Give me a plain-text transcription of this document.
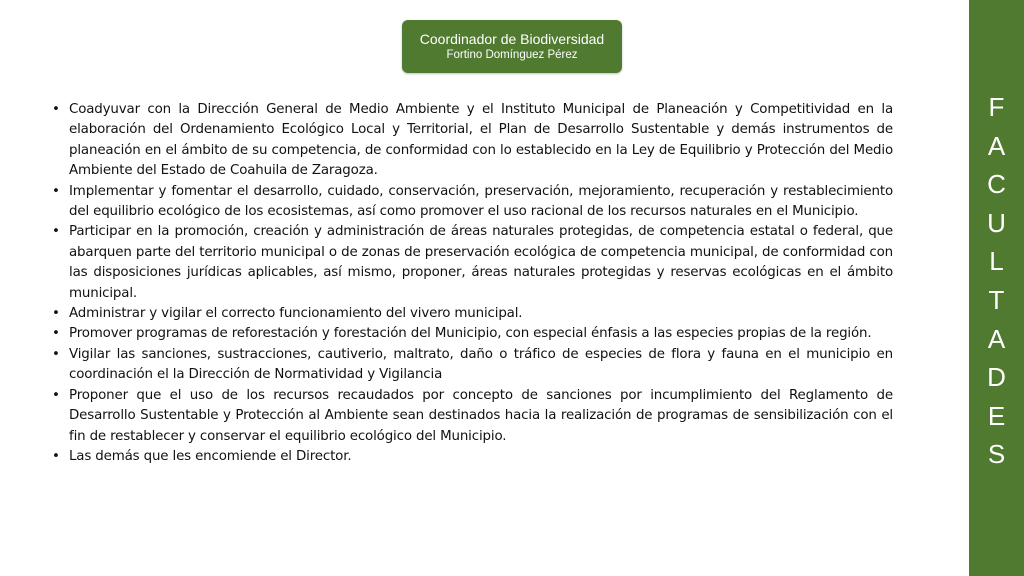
Coordinador de Biodiversidad
Fortino Domínguez Pérez
• Coadyuvar con la Dirección General de Medio Ambiente y el Instituto Municipal de Planeación y Competitividad en la elaboración del Ordenamiento Ecológico Local y Territorial, el Plan de Desarrollo Sustentable y demás instrumentos de planeación en el ámbito de su competencia, de conformidad con lo establecido en la Ley de Equilibrio y Protección del Medio Ambiente del Estado de Coahuila de Zaragoza.
• Implementar y fomentar el desarrollo, cuidado, conservación, preservación, mejoramiento, recuperación y restablecimiento del equilibrio ecológico de los ecosistemas, así como promover el uso racional de los recursos naturales en el Municipio.
• Participar en la promoción, creación y administración de áreas naturales protegidas, de competencia estatal o federal, que abarquen parte del territorio municipal o de zonas de preservación ecológica de competencia municipal, de conformidad con las disposiciones jurídicas aplicables, así mismo, proponer, áreas naturales protegidas y reservas ecológicas en el ámbito municipal.
• Administrar y vigilar el correcto funcionamiento del vivero municipal.
• Promover programas de reforestación y forestación del Municipio, con especial énfasis a las especies propias de la región.
• Vigilar las sanciones, sustracciones, cautiverio, maltrato, daño o tráfico de especies de flora y fauna en el municipio en coordinación el la Dirección de Normatividad y Vigilancia
• Proponer que el uso de los recursos recaudados por concepto de sanciones por incumplimiento del Reglamento de Desarrollo Sustentable y Protección al Ambiente sean destinados hacia la realización de programas de sensibilización con el fin de restablecer y conservar el equilibrio ecológico del Municipio.
• Las demás que les encomiende el Director.
F
A
C
U
L
T
A
D
E
S
